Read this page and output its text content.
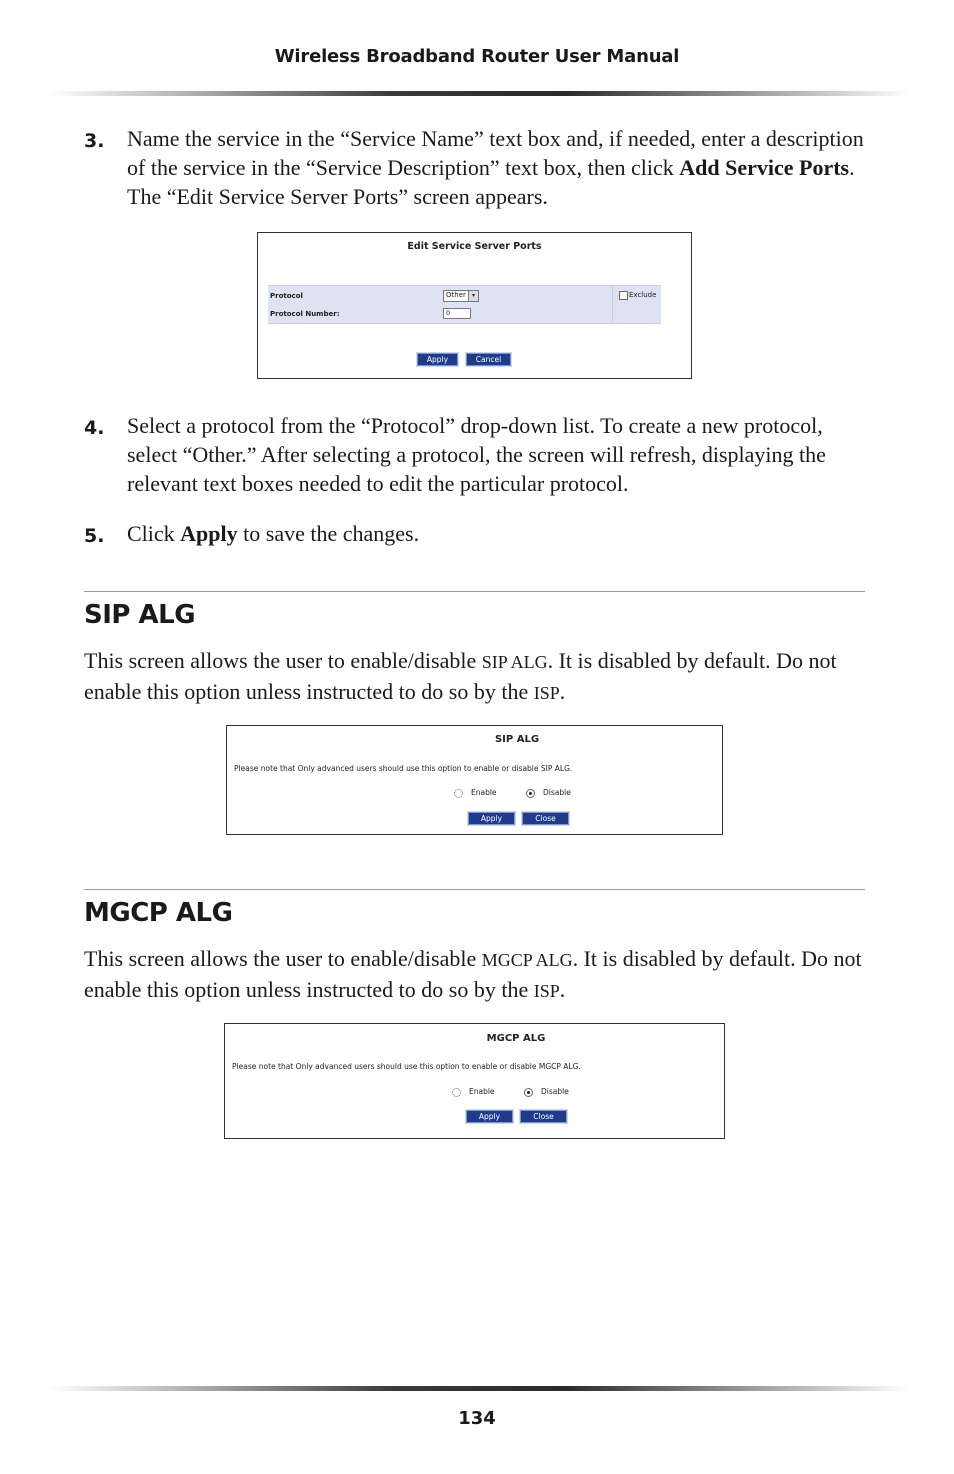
Wireless Broadband Router User Manual
3. Name the service in the “Service Name” text box and, if needed, enter a description of the service in the “Service Description” text box, then click Add Service Ports. The “Edit Service Server Ports” screen appears.
Edit Service Server Ports
Protocol	Other	▾	Exclude
Protocol Number:	0
Apply	Cancel
4. Select a protocol from the “Protocol” drop-down list. To create a new protocol, select “Other.” After selecting a protocol, the screen will refresh, displaying the relevant text boxes needed to edit the particular protocol.
5. Click Apply to save the changes.
SIP ALG
This screen allows the user to enable/disable SIP ALG. It is disabled by default. Do not enable this option unless instructed to do so by the ISP.
SIP ALG
Please note that Only advanced users should use this option to enable or disable SIP ALG.
Enable	Disable
Apply	Close
MGCP ALG
This screen allows the user to enable/disable MGCP ALG. It is disabled by default. Do not enable this option unless instructed to do so by the ISP.
MGCP ALG
Please note that Only advanced users should use this option to enable or disable MGCP ALG.
Enable	Disable
Apply	Close
134
